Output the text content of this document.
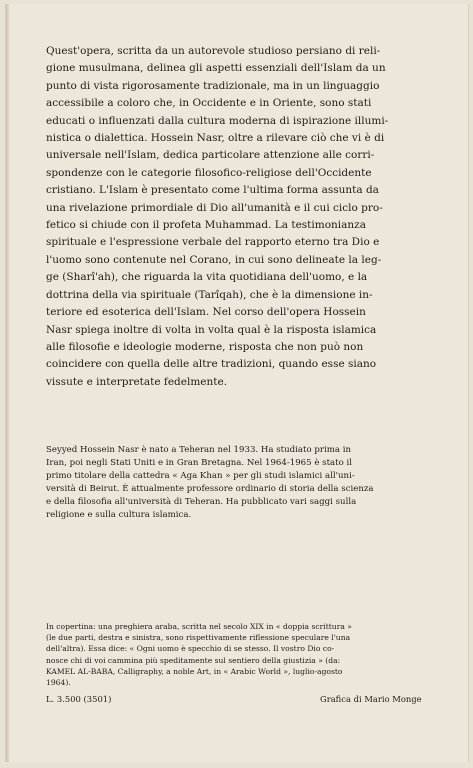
Quest'opera, scritta da un autorevole studioso persiano di reli-
gione musulmana, delinea gli aspetti essenziali dell'Islam da un
punto di vista rigorosamente tradizionale, ma in un linguaggio
accessibile a coloro che, in Occidente e in Oriente, sono stati
educati o influenzati dalla cultura moderna di ispirazione illumi-
nistica o dialettica. Hossein Nasr, oltre a rilevare ciò che vi è di
universale nell'Islam, dedica particolare attenzione alle corri-
spondenze con le categorie filosofico-religiose dell'Occidente
cristiano. L'Islam è presentato come l'ultima forma assunta da
una rivelazione primordiale di Dio all'umanità e il cui ciclo pro-
fetico si chiude con il profeta Muhammad. La testimonianza
spirituale e l'espressione verbale del rapporto eterno tra Dio e
l'uomo sono contenute nel Corano, in cui sono delineate la leg-
ge (Sharî'ah), che riguarda la vita quotidiana dell'uomo, e la
dottrina della via spirituale (Tarîqah), che è la dimensione in-
teriore ed esoterica dell'Islam. Nel corso dell'opera Hossein
Nasr spiega inoltre di volta in volta qual è la risposta islamica
alle filosofie e ideologie moderne, risposta che non può non
coincidere con quella delle altre tradizioni, quando esse siano
vissute e interpretate fedelmente.

Seyyed Hossein Nasr è nato a Teheran nel 1933. Ha studiato prima in
Iran, poi negli Stati Uniti e in Gran Bretagna. Nel 1964-1965 è stato il
primo titolare della cattedra « Aga Khan » per gli studi islamici all'uni-
versità di Beirut. È attualmente professore ordinario di storia della scienza
e della filosofia all'università di Teheran. Ha pubblicato vari saggi sulla
religione e sulla cultura islamica.

In copertina: una preghiera araba, scritta nel secolo XIX in « doppia scrittura »
(le due parti, destra e sinistra, sono rispettivamente riflessione speculare l'una
dell'altra). Essa dice: « Ogni uomo è specchio di se stesso. Il vostro Dio co-
nosce chi di voi cammina più speditamente sul sentiero della giustizia » (da:
KAMEL AL-BABA, Calligraphy, a noble Art, in « Arabic World », luglio-agosto
1964).

L. 3.500 (3501)	Grafica di Mario Monge
